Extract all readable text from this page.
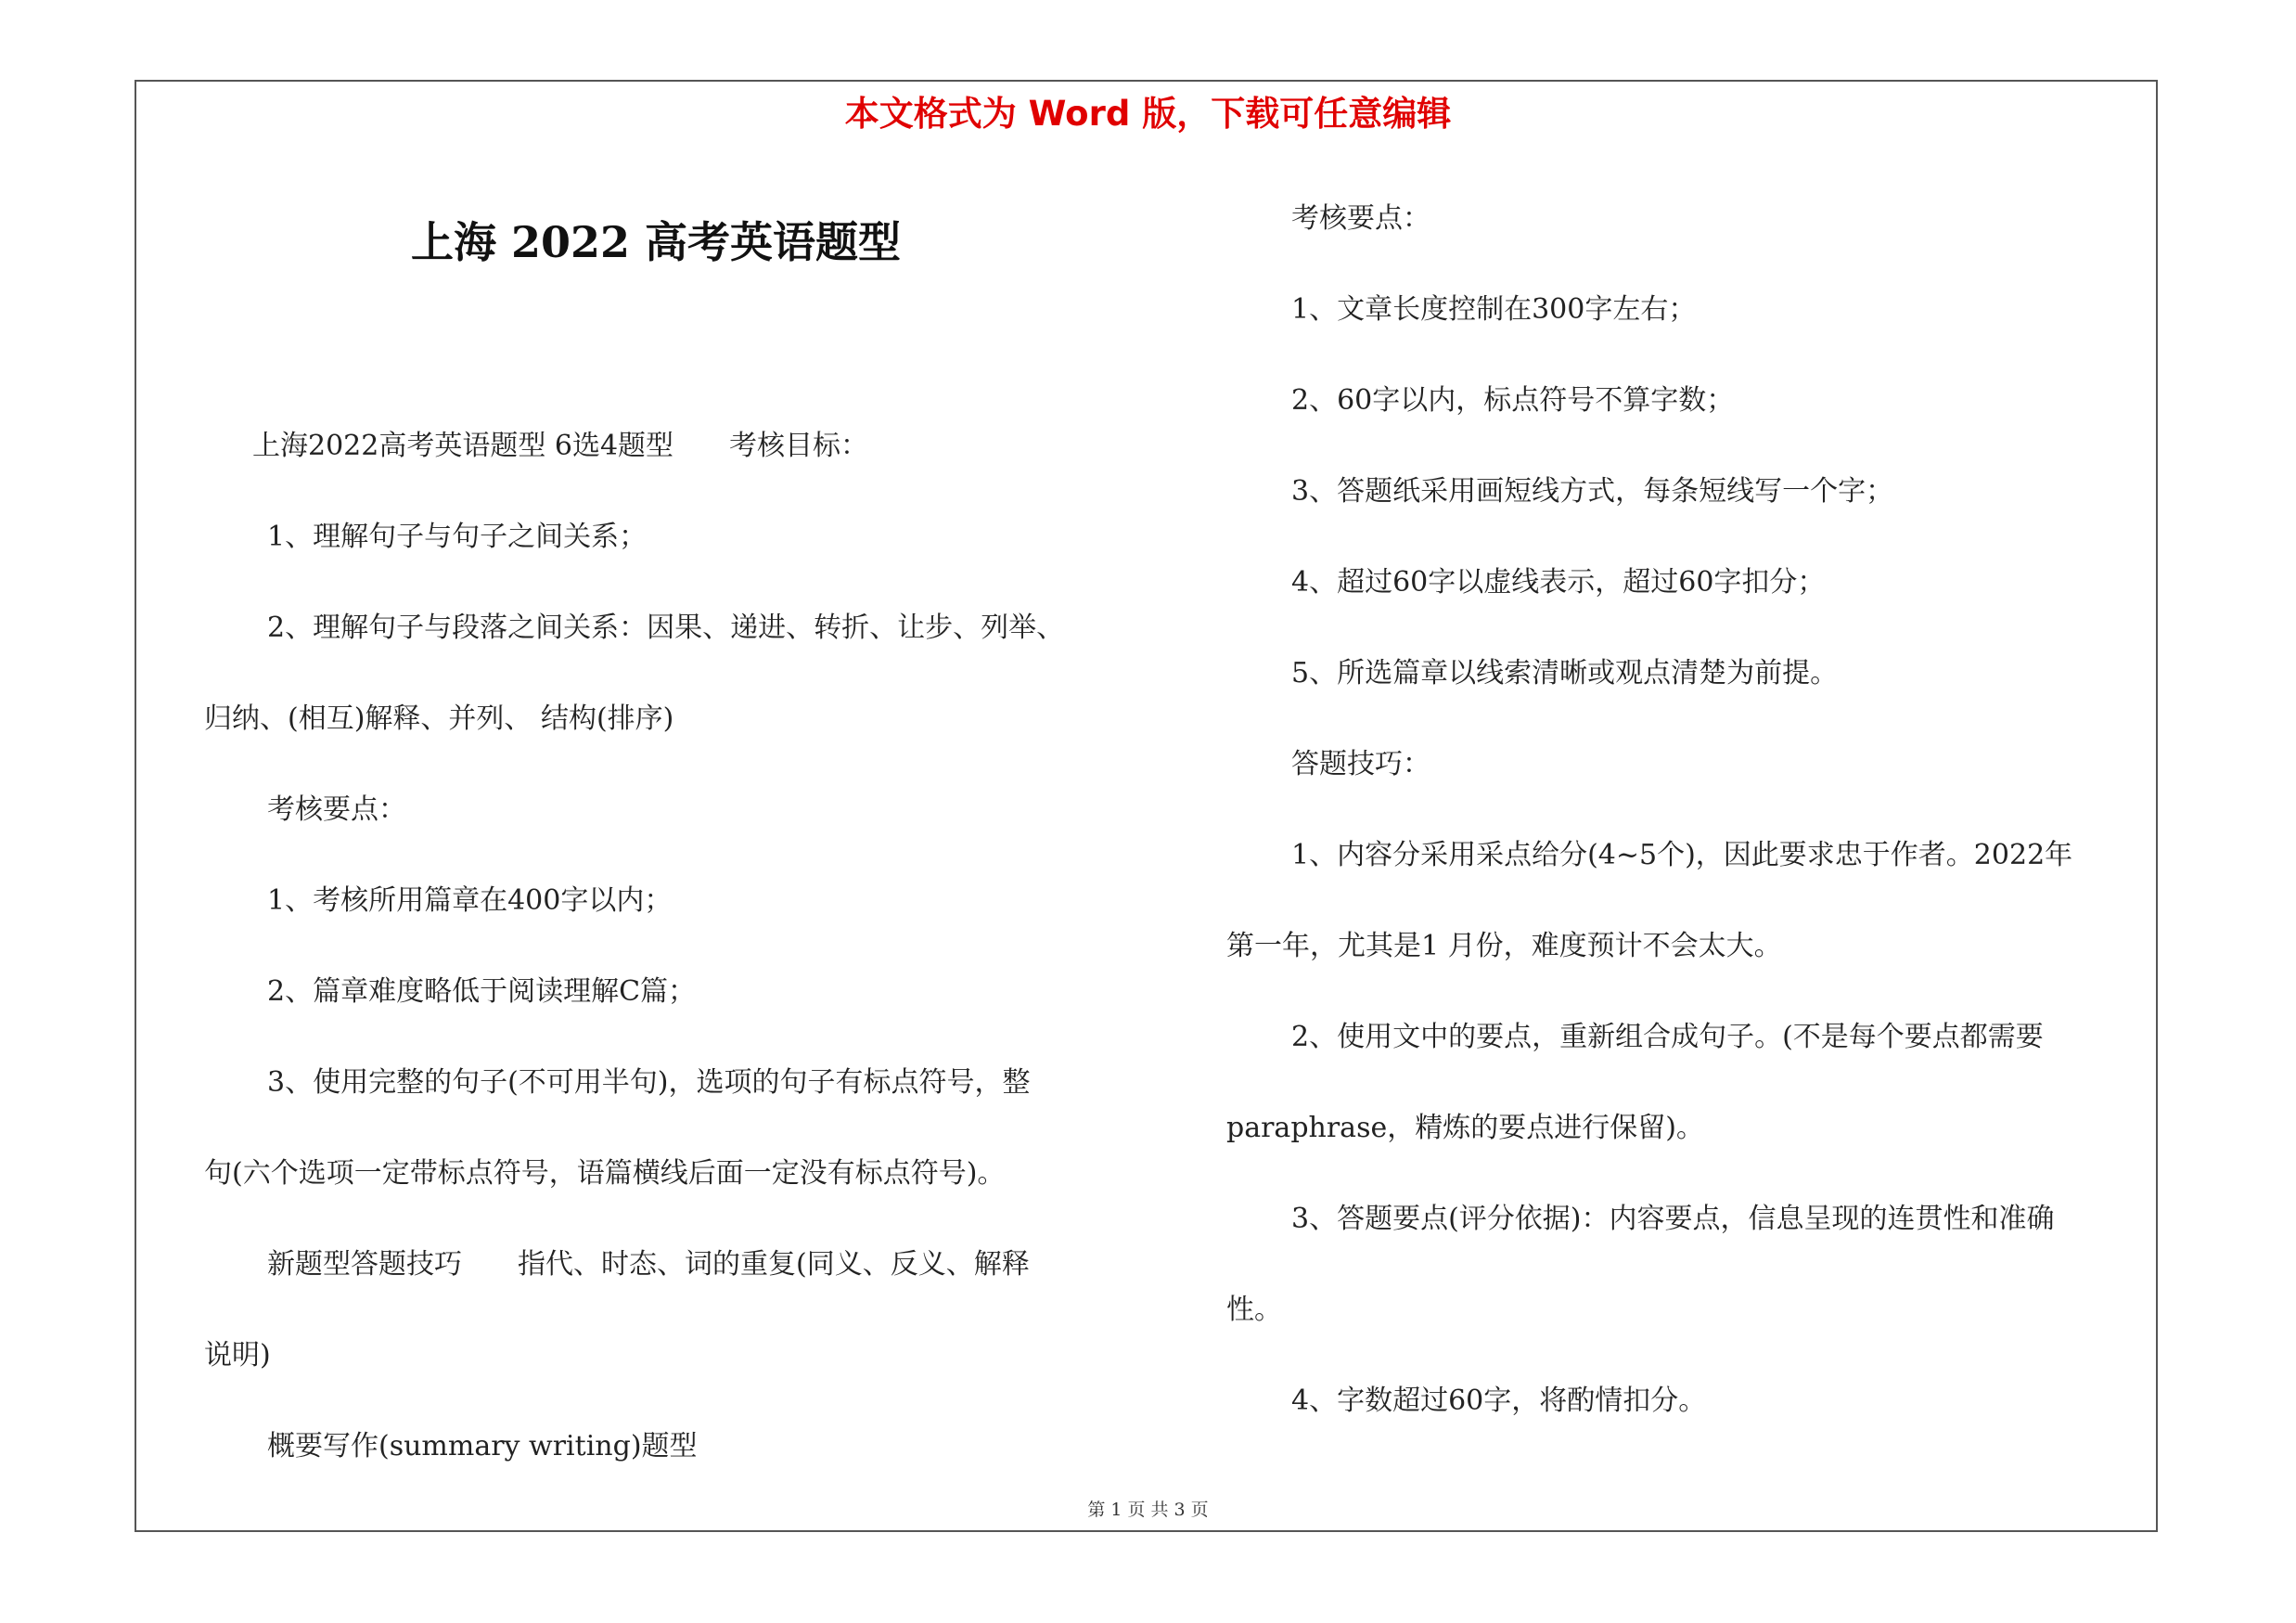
本文格式为 Word 版，下载可任意编辑
上海 2022 高考英语题型

上海2022高考英语题型 6选4题型　　考核目标：

1、理解句子与句子之间关系；

2、理解句子与段落之间关系：因果、递进、转折、让步、列举、

归纳、(相互)解释、并列、 结构(排序)

考核要点：

1、考核所用篇章在400字以内；

2、篇章难度略低于阅读理解C篇；

3、使用完整的句子(不可用半句)，选项的句子有标点符号，整

句(六个选项一定带标点符号，语篇横线后面一定没有标点符号)。

新题型答题技巧　　指代、时态、词的重复(同义、反义、解释

说明)

概要写作(summary writing)题型

考核要点：

1、文章长度控制在300字左右；

2、60字以内，标点符号不算字数；

3、答题纸采用画短线方式，每条短线写一个字；

4、超过60字以虚线表示，超过60字扣分；

5、所选篇章以线索清晰或观点清楚为前提。

答题技巧：

1、内容分采用采点给分(4~5个)，因此要求忠于作者。2022年

第一年，尤其是1 月份，难度预计不会太大。

2、使用文中的要点，重新组合成句子。(不是每个要点都需要

paraphrase，精炼的要点进行保留)。

3、答题要点(评分依据)：内容要点，信息呈现的连贯性和准确

性。

4、字数超过60字，将酌情扣分。

第 1 页 共 3 页
